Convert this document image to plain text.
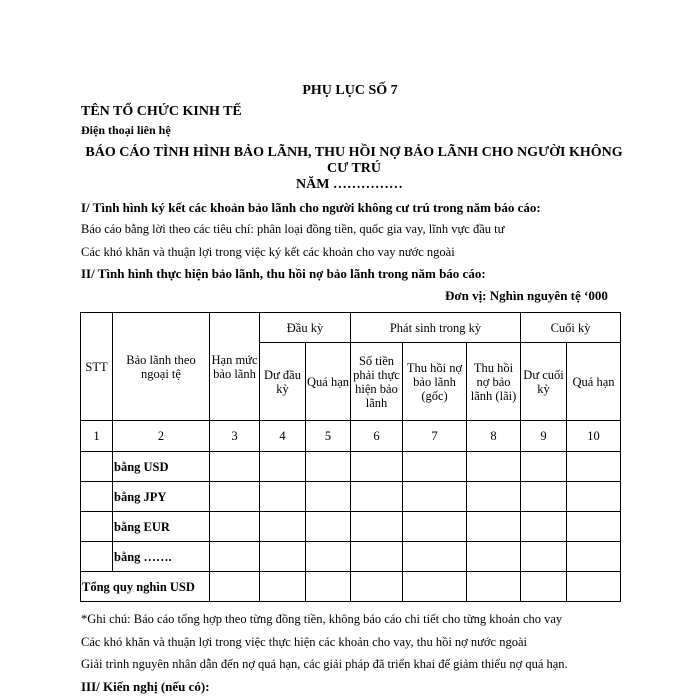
PHỤ LỤC SỐ 7
TÊN TỔ CHỨC KINH TẾ
Điện thoại liên hệ
BÁO CÁO TÌNH HÌNH BẢO LÃNH, THU HỒI NỢ BẢO LÃNH CHO NGƯỜI KHÔNG CƯ TRÚ
NĂM ……………
I/ Tình hình ký kết các khoản bảo lãnh cho người không cư trú trong năm báo cáo:
Báo cáo bằng lời theo các tiêu chí: phân loại đồng tiền, quốc gia vay, lĩnh vực đầu tư
Các khó khăn và thuận lợi trong việc ký kết các khoản cho vay nước ngoài
II/ Tình hình thực hiện bảo lãnh, thu hồi nợ bảo lãnh trong năm báo cáo:
Đơn vị: Nghìn nguyên tệ ‘000
STT	Bảo lãnh theo ngoại tệ	Hạn mức bảo lãnh	Đầu kỳ		Phát sinh trong kỳ			Cuối kỳ	
			Dư đầu kỳ	Quá hạn	Số tiền phải thực hiện bảo lãnh	Thu hồi nợ bảo lãnh (gốc)	Thu hồi nợ bảo lãnh (lãi)	Dư cuối kỳ	Quá hạn
1	2	3	4	5	6	7	8	9	10
	bằng USD								
	bằng JPY								
	bằng EUR								
	bằng …….								
Tổng quy nghìn USD									
*Ghi chú: Báo cáo tổng hợp theo từng đồng tiền, không báo cáo chi tiết cho từng khoản cho vay
Các khó khăn và thuận lợi trong việc thực hiện các khoản cho vay, thu hồi nợ nước ngoài
Giải trình nguyên nhân dẫn đến nợ quá hạn, các giải pháp đã triển khai để giảm thiểu nợ quá hạn.
III/ Kiến nghị (nếu có):
